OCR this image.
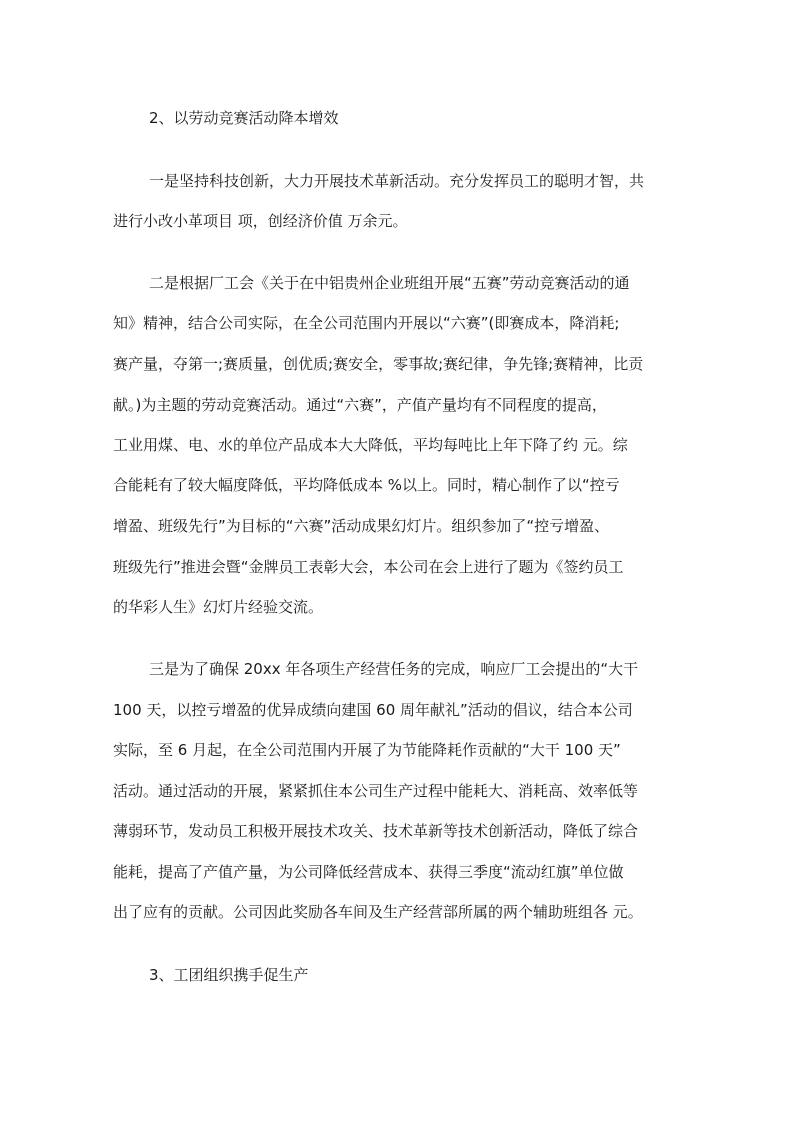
2、以劳动竞赛活动降本增效
一是坚持科技创新，大力开展技术革新活动。充分发挥员工的聪明才智，共
进行小改小革项目 项，创经济价值 万余元。
二是根据厂工会《关于在中铝贵州企业班组开展“五赛”劳动竞赛活动的通
知》精神，结合公司实际，在全公司范围内开展以“六赛”(即赛成本，降消耗;
赛产量，夺第一;赛质量，创优质;赛安全，零事故;赛纪律，争先锋;赛精神，比贡
献。)为主题的劳动竞赛活动。通过“六赛”，产值产量均有不同程度的提高，
工业用煤、电、水的单位产品成本大大降低，平均每吨比上年下降了约 元。综
合能耗有了较大幅度降低，平均降低成本 %以上。同时，精心制作了以“控亏
增盈、班级先行”为目标的“六赛”活动成果幻灯片。组织参加了“控亏增盈、
班级先行”推进会暨“金牌员工表彰大会，本公司在会上进行了题为《签约员工
的华彩人生》幻灯片经验交流。
三是为了确保 20xx 年各项生产经营任务的完成，响应厂工会提出的“大干
100 天，以控亏增盈的优异成绩向建国 60 周年献礼”活动的倡议，结合本公司
实际，至 6 月起，在全公司范围内开展了为节能降耗作贡献的“大干 100 天”
活动。通过活动的开展，紧紧抓住本公司生产过程中能耗大、消耗高、效率低等
薄弱环节，发动员工积极开展技术攻关、技术革新等技术创新活动，降低了综合
能耗，提高了产值产量，为公司降低经营成本、获得三季度“流动红旗”单位做
出了应有的贡献。公司因此奖励各车间及生产经营部所属的两个辅助班组各 元。
3、工团组织携手促生产
